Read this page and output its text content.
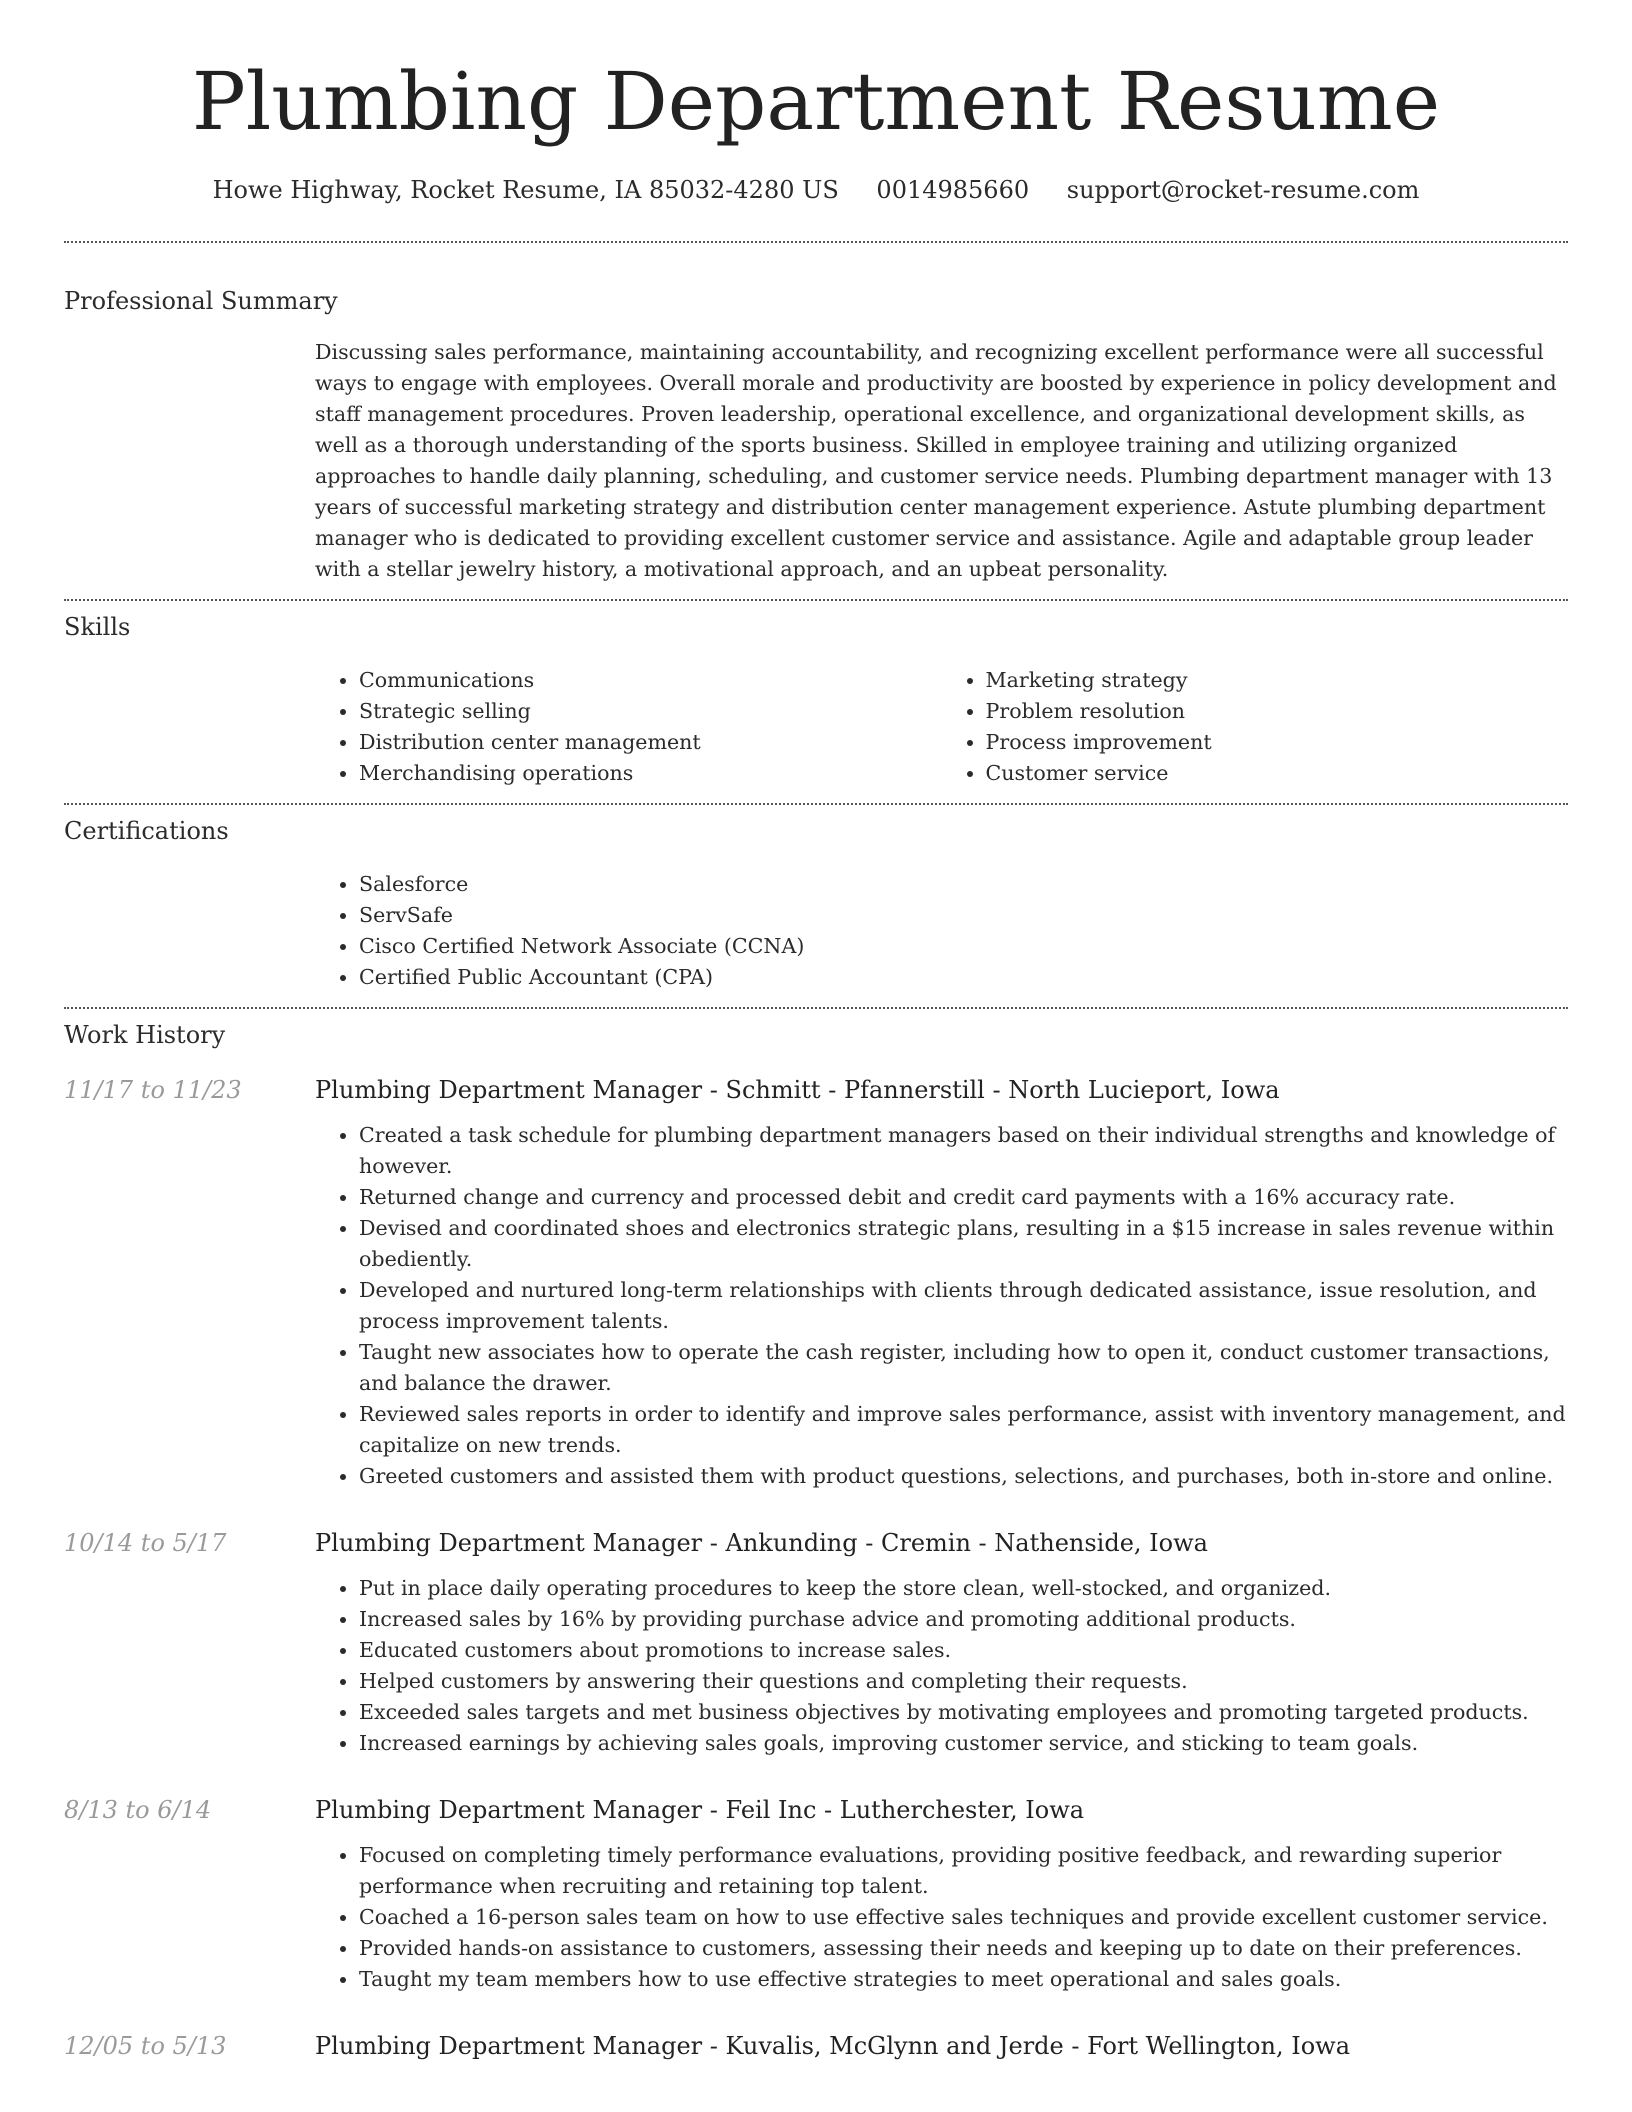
Plumbing Department Resume
Howe Highway, Rocket Resume, IA 85032-4280 US 0014985660 support@rocket-resume.com
Professional Summary

Discussing sales performance, maintaining accountability, and recognizing excellent performance were all successful ways to engage with employees. Overall morale and productivity are boosted by experience in policy development and staff management procedures. Proven leadership, operational excellence, and organizational development skills, as well as a thorough understanding of the sports business. Skilled in employee training and utilizing organized approaches to handle daily planning, scheduling, and customer service needs. Plumbing department manager with 13 years of successful marketing strategy and distribution center management experience. Astute plumbing department manager who is dedicated to providing excellent customer service and assistance. Agile and adaptable group leader with a stellar jewelry history, a motivational approach, and an upbeat personality.

Skills
• Communications
• Strategic selling
• Distribution center management
• Merchandising operations
• Marketing strategy
• Problem resolution
• Process improvement
• Customer service
Certifications
• Salesforce
• ServSafe
• Cisco Certified Network Associate (CCNA)
• Certified Public Accountant (CPA)
Work History
11/17 to 11/23	Plumbing Department Manager - Schmitt - Pfannerstill - North Lucieport, Iowa
• Created a task schedule for plumbing department managers based on their individual strengths and knowledge of however.
• Returned change and currency and processed debit and credit card payments with a 16% accuracy rate.
• Devised and coordinated shoes and electronics strategic plans, resulting in a $15 increase in sales revenue within obediently.
• Developed and nurtured long-term relationships with clients through dedicated assistance, issue resolution, and process improvement talents.
• Taught new associates how to operate the cash register, including how to open it, conduct customer transactions, and balance the drawer.
• Reviewed sales reports in order to identify and improve sales performance, assist with inventory management, and capitalize on new trends.
• Greeted customers and assisted them with product questions, selections, and purchases, both in-store and online.
10/14 to 5/17	Plumbing Department Manager - Ankunding - Cremin - Nathenside, Iowa
• Put in place daily operating procedures to keep the store clean, well-stocked, and organized.
• Increased sales by 16% by providing purchase advice and promoting additional products.
• Educated customers about promotions to increase sales.
• Helped customers by answering their questions and completing their requests.
• Exceeded sales targets and met business objectives by motivating employees and promoting targeted products.
• Increased earnings by achieving sales goals, improving customer service, and sticking to team goals.
8/13 to 6/14	Plumbing Department Manager - Feil Inc - Lutherchester, Iowa
• Focused on completing timely performance evaluations, providing positive feedback, and rewarding superior performance when recruiting and retaining top talent.
• Coached a 16-person sales team on how to use effective sales techniques and provide excellent customer service.
• Provided hands-on assistance to customers, assessing their needs and keeping up to date on their preferences.
• Taught my team members how to use effective strategies to meet operational and sales goals.
12/05 to 5/13	Plumbing Department Manager - Kuvalis, McGlynn and Jerde - Fort Wellington, Iowa
